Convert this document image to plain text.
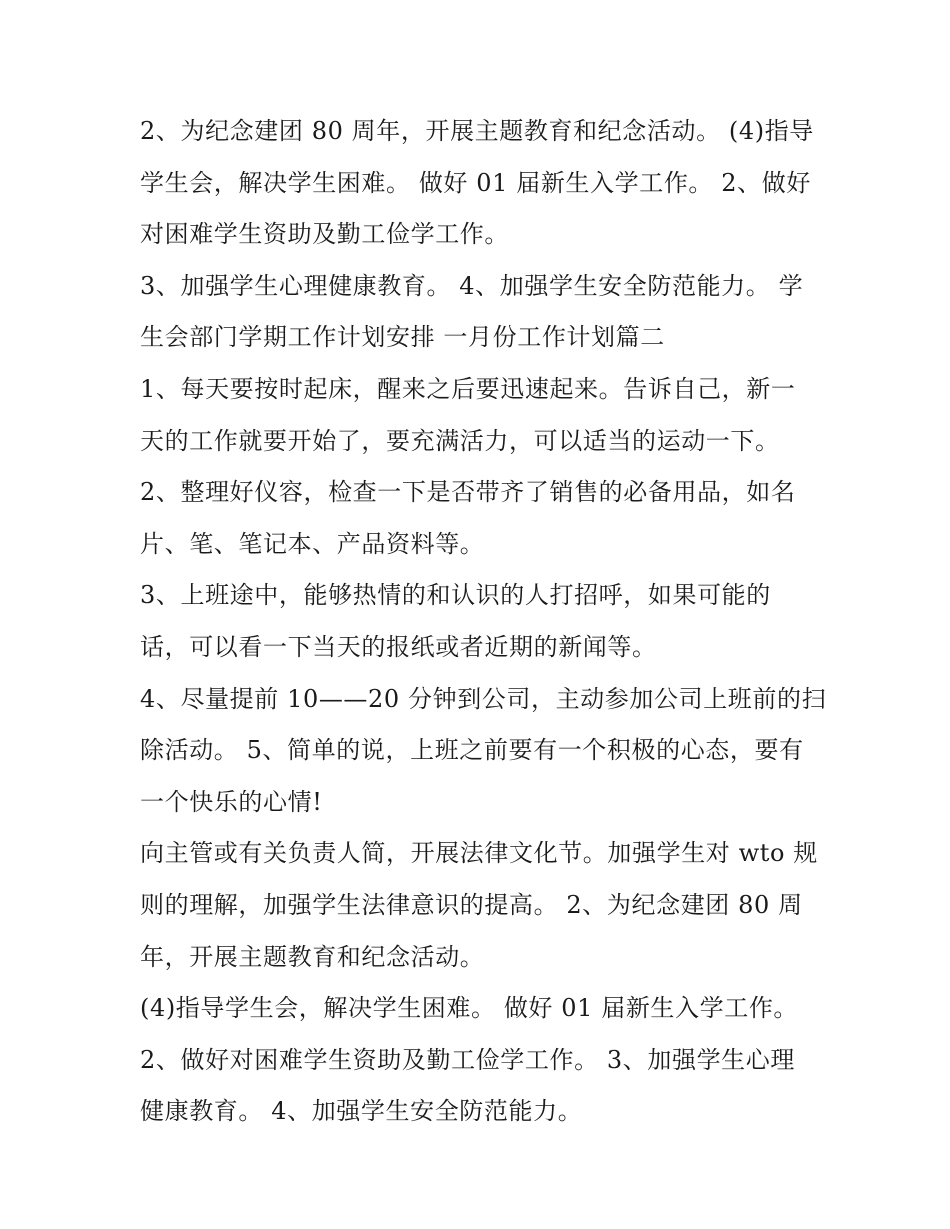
2、为纪念建团 80 周年，开展主题教育和纪念活动。 (4)指导
学生会，解决学生困难。 做好 01 届新生入学工作。 2、做好
对困难学生资助及勤工俭学工作。

3、加强学生心理健康教育。 4、加强学生安全防范能力。 学
生会部门学期工作计划安排 一月份工作计划篇二

1、每天要按时起床，醒来之后要迅速起来。告诉自己，新一
天的工作就要开始了，要充满活力，可以适当的运动一下。

2、整理好仪容，检查一下是否带齐了销售的必备用品，如名
片、笔、笔记本、产品资料等。

3、上班途中，能够热情的和认识的人打招呼，如果可能的
话，可以看一下当天的报纸或者近期的新闻等。

4、尽量提前 10——20 分钟到公司，主动参加公司上班前的扫
除活动。 5、简单的说，上班之前要有一个积极的心态，要有
一个快乐的心情!

向主管或有关负责人简，开展法律文化节。加强学生对 wto 规
则的理解，加强学生法律意识的提高。 2、为纪念建团 80 周
年，开展主题教育和纪念活动。

(4)指导学生会，解决学生困难。 做好 01 届新生入学工作。

2、做好对困难学生资助及勤工俭学工作。 3、加强学生心理
健康教育。 4、加强学生安全防范能力。
